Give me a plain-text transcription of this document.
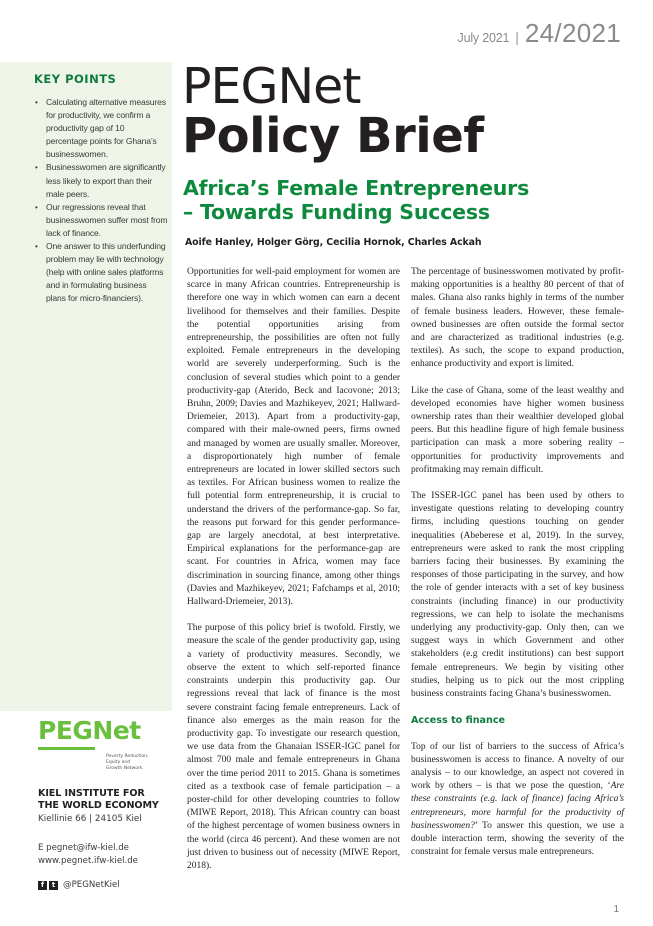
July 2021 | 24/2021
KEY POINTS
• Calculating alternative measures for productivity, we confirm a productivity gap of 10 percentage points for Ghana’s businesswomen.
• Businesswomen are significantly less likely to export than their male peers.
• Our regressions reveal that businesswomen suffer most from lack of finance.
• One answer to this underfunding problem may lie with technology (help with online sales platforms and in formulating business plans for micro-financiers).
PEGNet
Poverty Reduction,
Equity and
Growth Network
KIEL INSTITUTE FOR
THE WORLD ECONOMY
Kiellinie 66 | 24105 Kiel
E pegnet@ifw-kiel.de
www.pegnet.ifw-kiel.de
f	t @PEGNetKiel
PEGNet
Policy Brief
Africa’s Female Entrepreneurs
– Towards Funding Success
Aoife Hanley, Holger Görg, Cecilia Hornok, Charles Ackah

Opportunities for well-paid employment for women are scarce in many African countries. Entrepreneurship is therefore one way in which women can earn a decent livelihood for themselves and their families. Despite the potential opportunities arising from entrepreneurship, the possibilities are often not fully exploited. Female entrepreneurs in the developing world are severely underperforming. Such is the conclusion of several studies which point to a gender productivity-gap (Aterido, Beck and Iacovone; 2013; Bruhn, 2009; Davies and Mazhikeyev, 2021; Hallward-Driemeier, 2013). Apart from a productivity-gap, compared with their male-owned peers, firms owned and managed by women are usually smaller. Moreover, a disproportionately high number of female entrepreneurs are located in lower skilled sectors such as textiles. For African business women to realize the full potential form entrepreneurship, it is crucial to understand the drivers of the performance-gap. So far, the reasons put forward for this gender performance-gap are largely anecdotal, at best interpretative. Empirical explanations for the performance-gap are scant. For countries in Africa, women may face discrimination in sourcing finance, among other things (Davies and Mazhikeyev, 2021; Fafchamps et al, 2010; Hallward-Driemeier, 2013).

The purpose of this policy brief is twofold. Firstly, we measure the scale of the gender productivity gap, using a variety of productivity measures. Secondly, we observe the extent to which self-reported finance constraints underpin this productivity gap. Our regressions reveal that lack of finance is the most severe constraint facing female entrepreneurs. Lack of finance also emerges as the main reason for the productivity gap. To investigate our research question, we use data from the Ghanaian ISSER-IGC panel for almost 700 male and female entrepreneurs in Ghana over the time period 2011 to 2015. Ghana is sometimes cited as a textbook case of female participation – a poster-child for other developing countries to follow (MIWE Report, 2018). This African country can boast of the highest percentage of women business owners in the world (circa 46 percent). And these women are not just driven to business out of necessity (MIWE Report, 2018).

The percentage of businesswomen motivated by profit-making opportunities is a healthy 80 percent of that of males. Ghana also ranks highly in terms of the number of female business leaders. However, these female-owned businesses are often outside the formal sector and are characterized as traditional industries (e.g. textiles). As such, the scope to expand production, enhance productivity and export is limited.

Like the case of Ghana, some of the least wealthy and developed economies have higher women business ownership rates than their wealthier developed global peers. But this headline figure of high female business participation can mask a more sobering reality – opportunities for productivity improvements and profitmaking may remain difficult.

The ISSER-IGC panel has been used by others to investigate questions relating to developing country firms, including questions touching on gender inequalities (Abeberese et al, 2019). In the survey, entrepreneurs were asked to rank the most crippling barriers facing their businesses. By examining the responses of those participating in the survey, and how the role of gender interacts with a set of key business constraints (including finance) in our productivity regressions, we can help to isolate the mechanisms underlying any productivity-gap. Only then, can we suggest ways in which Government and other stakeholders (e.g credit institutions) can best support female entrepreneurs. We begin by visiting other studies, helping us to pick out the most crippling business constraints facing Ghana’s businesswomen.

Access to finance

Top of our list of barriers to the success of Africa’s businesswomen is access to finance. A novelty of our analysis – to our knowledge, an aspect not covered in work by others – is that we pose the question, ‘Are these constraints (e.g. lack of finance) facing Africa’s entrepreneurs, more harmful for the productivity of businesswomen?’ To answer this question, we use a double interaction term, showing the severity of the constraint for female versus male entrepreneurs.

1
